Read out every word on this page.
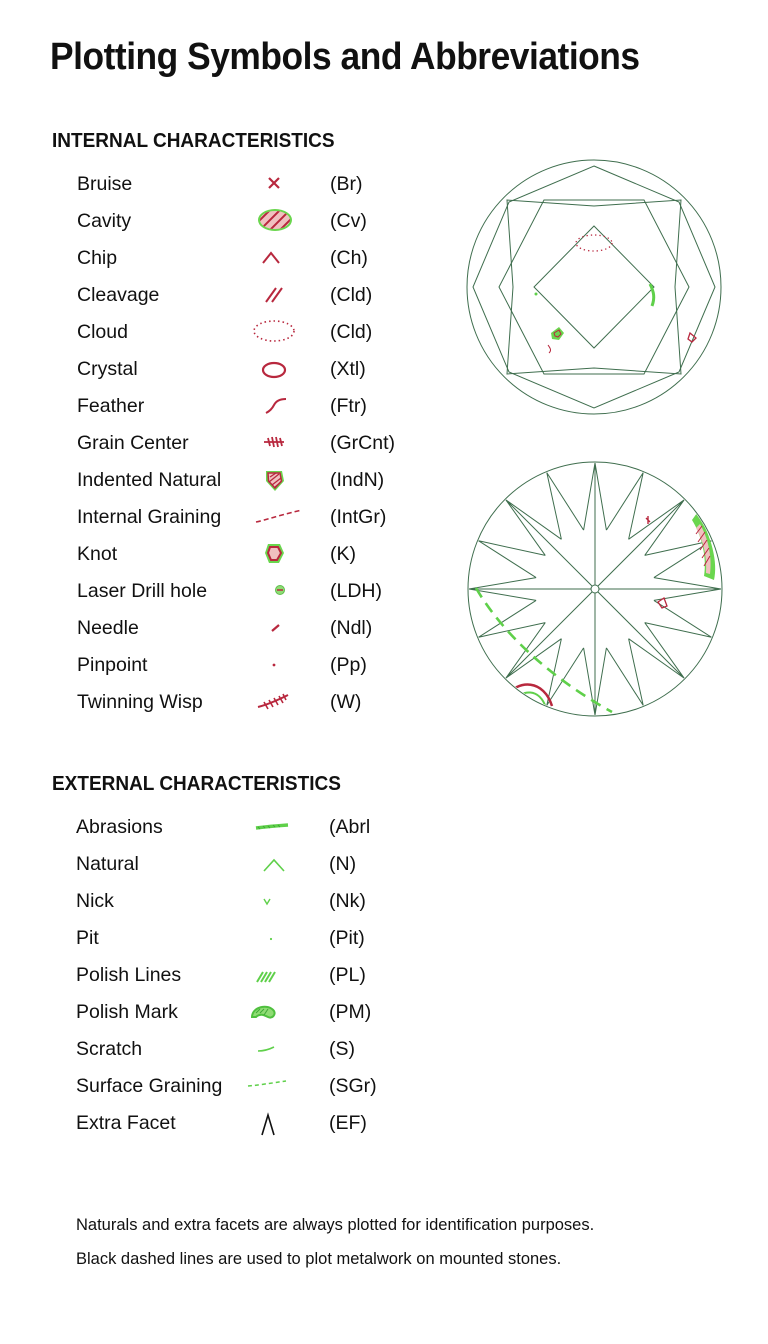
Plotting Symbols and Abbreviations
INTERNAL CHARACTERISTICS
Bruise	(Br)
Cavity	(Cv)
Chip	(Ch)
Cleavage	(Cld)
Cloud	(Cld)
Crystal	(Xtl)
Feather	(Ftr)
Grain Center	(GrCnt)
Indented Natural	(IndN)
Internal Graining	(IntGr)
Knot	(K)
Laser Drill hole	(LDH)
Needle	(Ndl)
Pinpoint	(Pp)
Twinning Wisp	(W)
EXTERNAL CHARACTERISTICS
Abrasions	(Abrl
Natural	(N)
Nick	(Nk)
Pit	(Pit)
Polish Lines	(PL)
Polish Mark	(PM)
Scratch	(S)
Surface Graining	(SGr)
Extra Facet	(EF)
Naturals and extra facets are always plotted for identification purposes.
Black dashed lines are used to plot metalwork on mounted stones.
